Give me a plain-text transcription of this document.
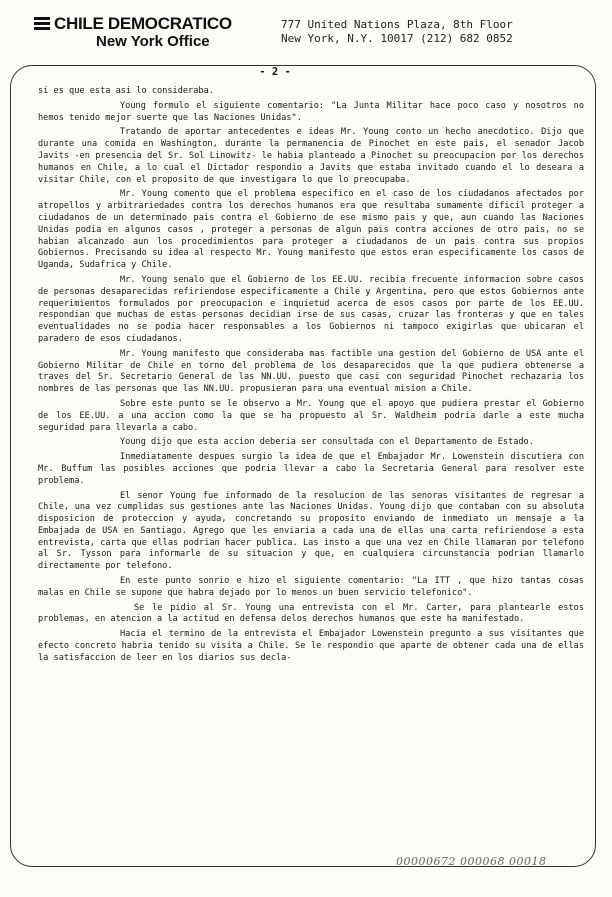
CHILE DEMOCRATICO
New York Office
777 United Nations Plaza, 8th Floor
New York, N.Y. 10017 (212) 682 0852
- 2 -

si es que esta asi lo consideraba.

Young formulo el siguiente comentario: "La Junta Militar hace poco caso y nosotros no hemos tenido mejor suerte que las Naciones Unidas".

Tratando de aportar antecedentes e ideas Mr. Young conto un hecho anecdotico. Dijo que durante una comida en Washington, durante la permanencia de Pinochet en este pais, el senador Jacob Javits -en presencia del Sr. Sol Linowitz- le habia planteado a Pinochet su preocupacion por los derechos humanos en Chile, a lo cual el Dictador respondio a Javits que estaba invitado cuando el lo deseara a visitar Chile, con el proposito de que investigara lo que lo preocupaba.

Mr. Young comento que el problema especifico en el caso de los ciudadanos afectados por atropellos y arbitrariedades contra los derechos humanos era que resultaba sumamente dificil proteger a ciudadanos de un determinado pais contra el Gobierno de ese mismo pais y que, aun cuando las Naciones Unidas podia en algunos casos , proteger a personas de algun pais contra acciones de otro pais, no se habian alcanzado aun los procedimientos para proteger a ciudadanos de un pais contra sus propios Gobiernos. Precisando su idea al respecto Mr. Young manifesto que estos eran especificamente los casos de Uganda, Sudafrica y Chile.

Mr. Young senalo que el Gobierno de los EE.UU. recibia frecuente informacion sobre casos de personas desaparecidas refiriendose especificamente a Chile y Argentina, pero que estos Gobiernos ante requerimientos formulados por preocupacion e inquietud acerca de esos casos por parte de los EE.UU. respondian que muchas de estas personas decidian irse de sus casas, cruzar las fronteras y que en tales eventualidades no se podia hacer responsables a los Gobiernos ni tampoco exigirlas que ubicaran el paradero de esos ciudadanos.

Mr. Young manifesto que consideraba mas factible una gestion del Gobierno de USA ante el Gobierno Militar de Chile en torno del problema de los desaparecidos que la que pudiera obtenerse a traves del Sr. Secretario General de las NN.UU. puesto que casi con seguridad Pinochet rechazaria los nombres de las personas que las NN.UU. propusieran para una eventual mision a Chile.

Sobre este punto se le observo a Mr. Young que el apoyo que pudiera prestar el Gobierno de los EE.UU. a una accion como la que se ha propuesto al Sr. Waldheim podria darle a este mucha seguridad para llevarla a cabo.

Young dijo que esta accion deberia ser consultada con el Departamento de Estado.

Inmediatamente despues surgio la idea de que el Embajador Mr. Lowenstein discutiera con Mr. Buffum las posibles acciones que podria llevar a cabo la Secretaria General para resolver este problema.

El senor Young fue informado de la resolucion de las senoras visitantes de regresar a Chile, una vez cumplidas sus gestiones ante las Naciones Unidas. Young dijo que contaban con su absoluta disposicion de proteccion y ayuda, concretando su proposito enviando de inmediato un mensaje a la Embajada de USA en Santiago. Agrego que les enviaria a cada una de ellas una carta refiriendose a esta entrevista, carta que ellas podrian hacer publica. Las insto a que una vez en Chile llamaran por telefono al Sr. Tysson para informarle de su situacion y que, en cualquiera circunstancia podrian llamarlo directamente por telefono.

En este punto sonrio e hizo el siguiente comentario: "La ITT , que hizo tantas cosas malas en Chile se supone que habra dejado por lo menos un buen servicio telefonico".

Se le pidio al Sr. Young una entrevista con el Mr. Carter, para plantearle estos problemas, en atencion a la actitud en defensa delos derechos humanos que este ha manifestado.

Hacia el termino de la entrevista el Embajador Lowenstein pregunto a sus visitantes que efecto concreto habria tenido su visita a Chile. Se le respondio que aparte de obtener cada una de ellas la satisfaccion de leer en los diarios sus decla-

00000672 000068 00018
